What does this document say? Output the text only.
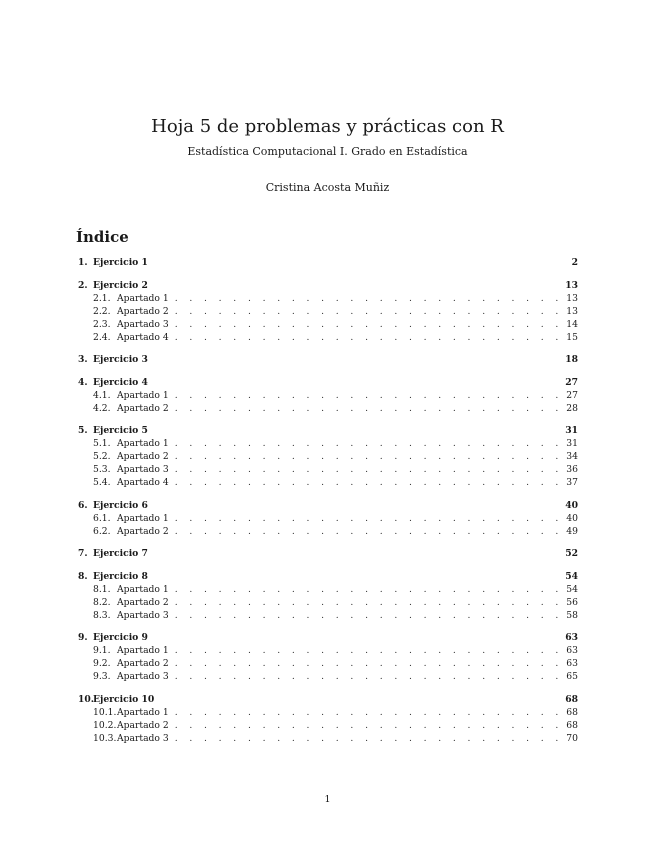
Hoja 5 de problemas y prácticas con R
Estadística Computacional I. Grado en Estadística
Cristina Acosta Muñiz
Índice
1. Ejercicio 1	2
2. Ejercicio 2	13
2.1. Apartado 1 . . .	13
2.2. Apartado 2 . . .	13
2.3. Apartado 3 . . .	14
2.4. Apartado 4 . . .	15
3. Ejercicio 3	18
4. Ejercicio 4	27
4.1. Apartado 1 . . .	27
4.2. Apartado 2 . . .	28
5. Ejercicio 5	31
5.1. Apartado 1 . . .	31
5.2. Apartado 2 . . .	34
5.3. Apartado 3 . . .	36
5.4. Apartado 4 . . .	37
6. Ejercicio 6	40
6.1. Apartado 1 . . .	40
6.2. Apartado 2 . . .	49
7. Ejercicio 7	52
8. Ejercicio 8	54
8.1. Apartado 1 . . .	54
8.2. Apartado 2 . . .	56
8.3. Apartado 3 . . .	58
9. Ejercicio 9	63
9.1. Apartado 1 . . .	63
9.2. Apartado 2 . . .	63
9.3. Apartado 3 . . .	65
10. Ejercicio 10	68
10.1. Apartado 1 . . .	68
10.2. Apartado 2 . . .	68
10.3. Apartado 3 . . .	70
1
